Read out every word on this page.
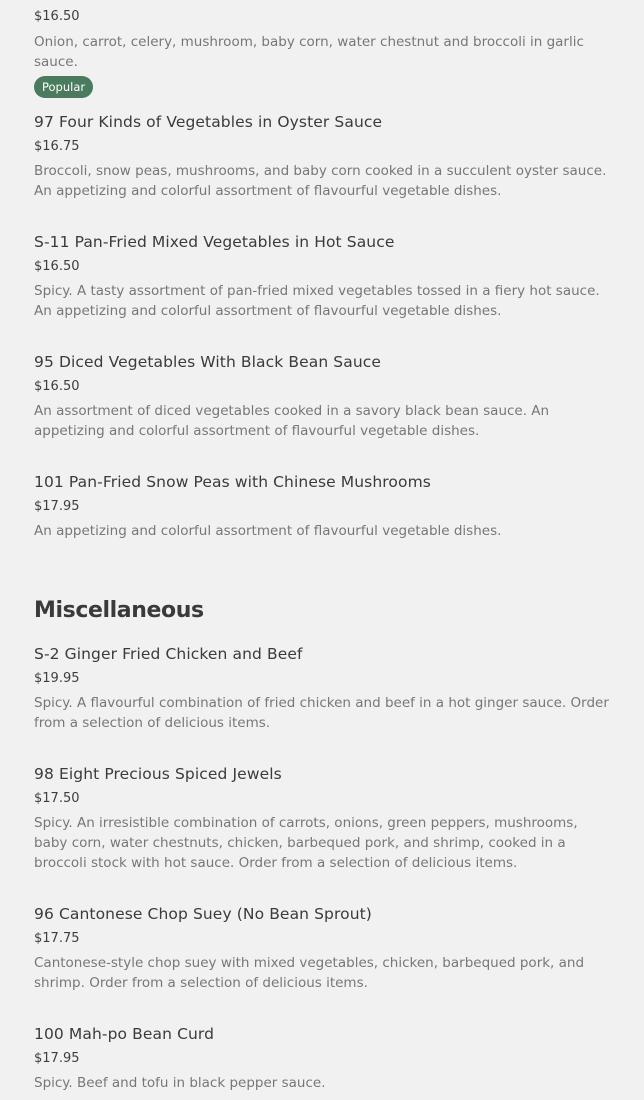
$16.50
Onion, carrot, celery, mushroom, baby corn, water chestnut and broccoli in garlic sauce.
Popular
97 Four Kinds of Vegetables in Oyster Sauce
$16.75
Broccoli, snow peas, mushrooms, and baby corn cooked in a succulent oyster sauce. An appetizing and colorful assortment of flavourful vegetable dishes.
S-11 Pan-Fried Mixed Vegetables in Hot Sauce
$16.50
Spicy. A tasty assortment of pan-fried mixed vegetables tossed in a fiery hot sauce. An appetizing and colorful assortment of flavourful vegetable dishes.
95 Diced Vegetables With Black Bean Sauce
$16.50
An assortment of diced vegetables cooked in a savory black bean sauce. An appetizing and colorful assortment of flavourful vegetable dishes.
101 Pan-Fried Snow Peas with Chinese Mushrooms
$17.95
An appetizing and colorful assortment of flavourful vegetable dishes.
Miscellaneous
S-2 Ginger Fried Chicken and Beef
$19.95
Spicy. A flavourful combination of fried chicken and beef in a hot ginger sauce. Order from a selection of delicious items.
98 Eight Precious Spiced Jewels
$17.50
Spicy. An irresistible combination of carrots, onions, green peppers, mushrooms, baby corn, water chestnuts, chicken, barbequed pork, and shrimp, cooked in a broccoli stock with hot sauce. Order from a selection of delicious items.
96 Cantonese Chop Suey (No Bean Sprout)
$17.75
Cantonese-style chop suey with mixed vegetables, chicken, barbequed pork, and shrimp. Order from a selection of delicious items.
100 Mah-po Bean Curd
$17.95
Spicy. Beef and tofu in black pepper sauce.
